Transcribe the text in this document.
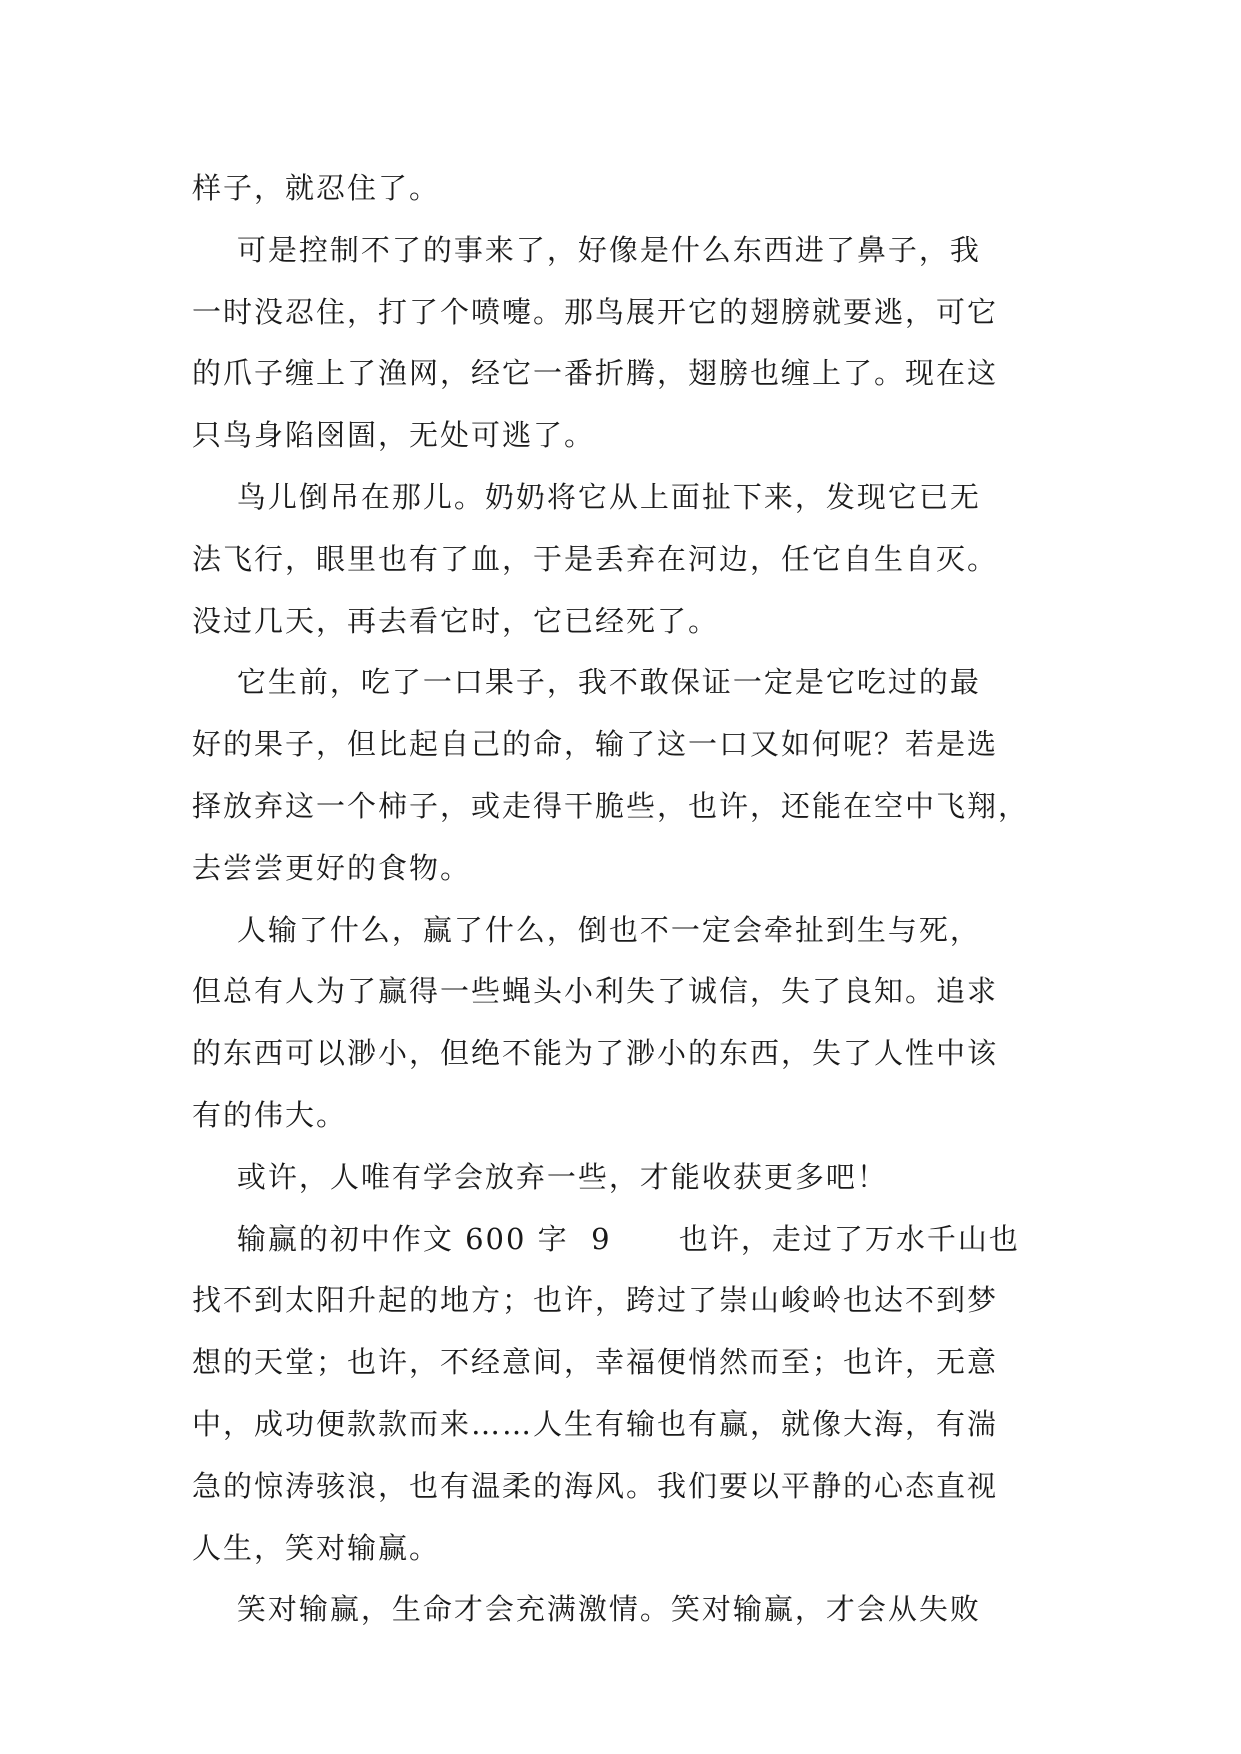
样子，就忍住了。
可是控制不了的事来了，好像是什么东西进了鼻子，我
一时没忍住，打了个喷嚏。那鸟展开它的翅膀就要逃，可它
的爪子缠上了渔网，经它一番折腾，翅膀也缠上了。现在这
只鸟身陷囹圄，无处可逃了。
鸟儿倒吊在那儿。奶奶将它从上面扯下来，发现它已无
法飞行，眼里也有了血，于是丢弃在河边，任它自生自灭。
没过几天，再去看它时，它已经死了。
它生前，吃了一口果子，我不敢保证一定是它吃过的最
好的果子，但比起自己的命，输了这一口又如何呢？若是选
择放弃这一个柿子，或走得干脆些，也许，还能在空中飞翔，
去尝尝更好的食物。
人输了什么，赢了什么，倒也不一定会牵扯到生与死，
但总有人为了赢得一些蝇头小利失了诚信，失了良知。追求
的东西可以渺小，但绝不能为了渺小的东西，失了人性中该
有的伟大。
或许，人唯有学会放弃一些，才能收获更多吧！
输赢的初中作文 600 字  9      也许，走过了万水千山也
找不到太阳升起的地方；也许，跨过了崇山峻岭也达不到梦
想的天堂；也许，不经意间，幸福便悄然而至；也许，无意
中，成功便款款而来……人生有输也有赢，就像大海，有湍
急的惊涛骇浪，也有温柔的海风。我们要以平静的心态直视
人生，笑对输赢。
笑对输赢，生命才会充满激情。笑对输赢，才会从失败
